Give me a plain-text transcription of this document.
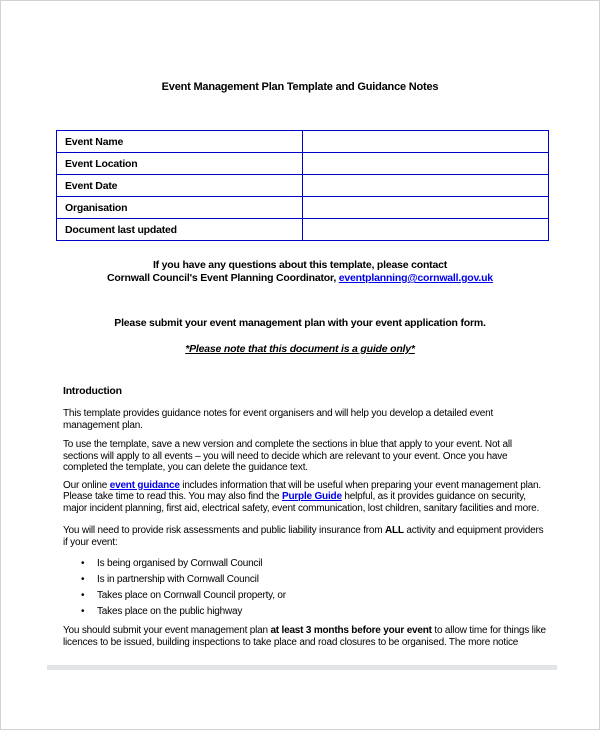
Event Management Plan Template and Guidance Notes
Event Name	
Event Location	
Event Date	
Organisation	
Document last updated	
If you have any questions about this template, please contact
Cornwall Council's Event Planning Coordinator, eventplanning@cornwall.gov.uk
Please submit your event management plan with your event application form.
*Please note that this document is a guide only*
Introduction
This template provides guidance notes for event organisers and will help you develop a detailed event management plan.
To use the template, save a new version and complete the sections in blue that apply to your event. Not all sections will apply to all events – you will need to decide which are relevant to your event. Once you have completed the template, you can delete the guidance text.
Our online event guidance includes information that will be useful when preparing your event management plan. Please take time to read this. You may also find the Purple Guide helpful, as it provides guidance on security, major incident planning, first aid, electrical safety, event communication, lost children, sanitary facilities and more.
You will need to provide risk assessments and public liability insurance from ALL activity and equipment providers if your event:
• Is being organised by Cornwall Council
• Is in partnership with Cornwall Council
• Takes place on Cornwall Council property, or
• Takes place on the public highway
You should submit your event management plan at least 3 months before your event to allow time for things like licences to be issued, building inspections to take place and road closures to be organised. The more notice
